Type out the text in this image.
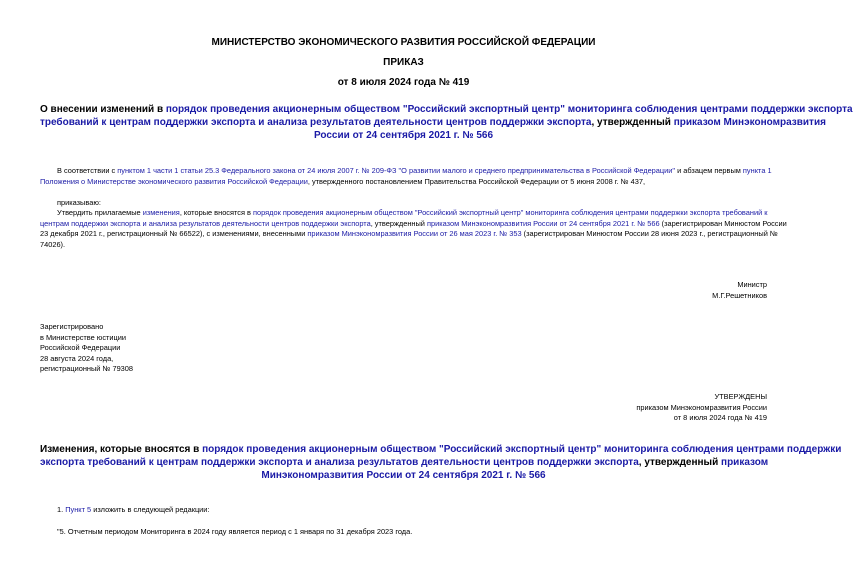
МИНИСТЕРСТВО ЭКОНОМИЧЕСКОГО РАЗВИТИЯ РОССИЙСКОЙ ФЕДЕРАЦИИ
ПРИКАЗ
от 8 июля 2024 года № 419
О внесении изменений в порядок проведения акционерным обществом "Российский экспортный центр" мониторинга соблюдения центрами поддержки экспорта
требований к центрам поддержки экспорта и анализа результатов деятельности центров поддержки экспорта, утвержденный приказом Минэкономразвития
России от 24 сентября 2021 г. № 566
В соответствии с пунктом 1 части 1 статьи 25.3 Федерального закона от 24 июля 2007 г. № 209-ФЗ "О развитии малого и среднего предпринимательства в Российской Федерации" и абзацем первым пункта 1
Положения о Министерстве экономического развития Российской Федерации, утвержденного постановлением Правительства Российской Федерации от 5 июня 2008 г. № 437,
приказываю:
Утвердить прилагаемые изменения, которые вносятся в порядок проведения акционерным обществом "Российский экспортный центр" мониторинга соблюдения центрами поддержки экспорта требований к
центрам поддержки экспорта и анализа результатов деятельности центров поддержки экспорта, утвержденный приказом Минэкономразвития России от 24 сентября 2021 г. № 566 (зарегистрирован Минюстом России
23 декабря 2021 г., регистрационный № 66522), с изменениями, внесенными приказом Минэкономразвития России от 26 мая 2023 г. № 353 (зарегистрирован Минюстом России 28 июня 2023 г., регистрационный №
74026).
Министр
М.Г.Решетников
Зарегистрировано
в Министерстве юстиции
Российской Федерации
28 августа 2024 года,
регистрационный № 79308
УТВЕРЖДЕНЫ
приказом Минэкономразвития России
от 8 июля 2024 года № 419
Изменения, которые вносятся в порядок проведения акционерным обществом "Российский экспортный центр" мониторинга соблюдения центрами поддержки
экспорта требований к центрам поддержки экспорта и анализа результатов деятельности центров поддержки экспорта, утвержденный приказом
Минэкономразвития России от 24 сентября 2021 г. № 566
1. Пункт 5 изложить в следующей редакции:
"5. Отчетным периодом Мониторинга в 2024 году является период с 1 января по 31 декабря 2023 года.
